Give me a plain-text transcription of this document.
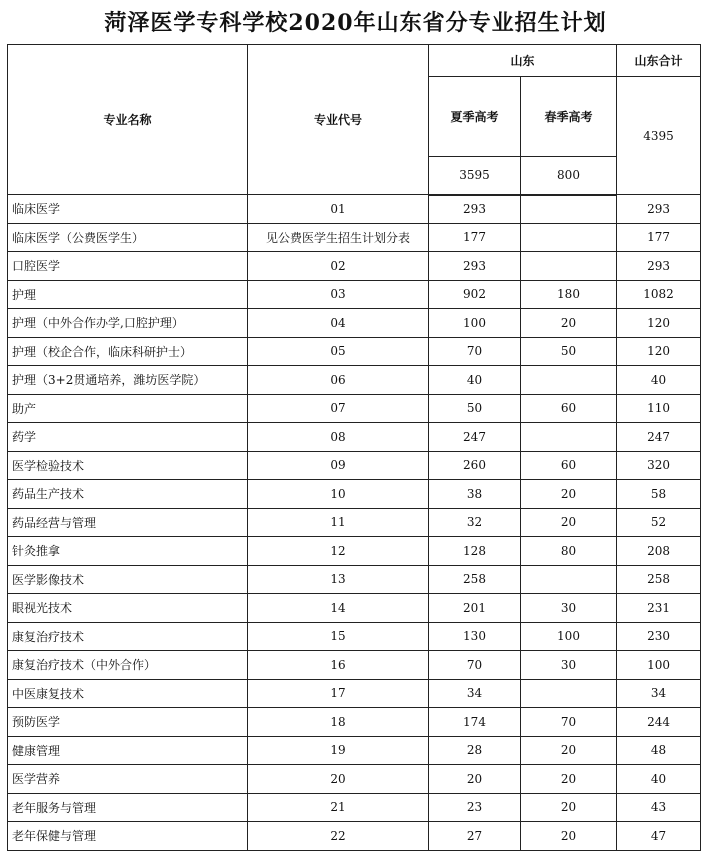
菏泽医学专科学校2020年山东省分专业招生计划
专业名称	专业代号	山东		山东合计
		夏季高考	春季高考	4395
		3595	800	
临床医学	01	293		293
临床医学（公费医学生）	见公费医学生招生计划分表	177		177
口腔医学	02	293		293
护理	03	902	180	1082
护理（中外合作办学,口腔护理）	04	100	20	120
护理（校企合作，临床科研护士）	05	70	50	120
护理（3+2贯通培养，潍坊医学院）	06	40		40
助产	07	50	60	110
药学	08	247		247
医学检验技术	09	260	60	320
药品生产技术	10	38	20	58
药品经营与管理	11	32	20	52
针灸推拿	12	128	80	208
医学影像技术	13	258		258
眼视光技术	14	201	30	231
康复治疗技术	15	130	100	230
康复治疗技术（中外合作）	16	70	30	100
中医康复技术	17	34		34
预防医学	18	174	70	244
健康管理	19	28	20	48
医学营养	20	20	20	40
老年服务与管理	21	23	20	43
老年保健与管理	22	27	20	47
